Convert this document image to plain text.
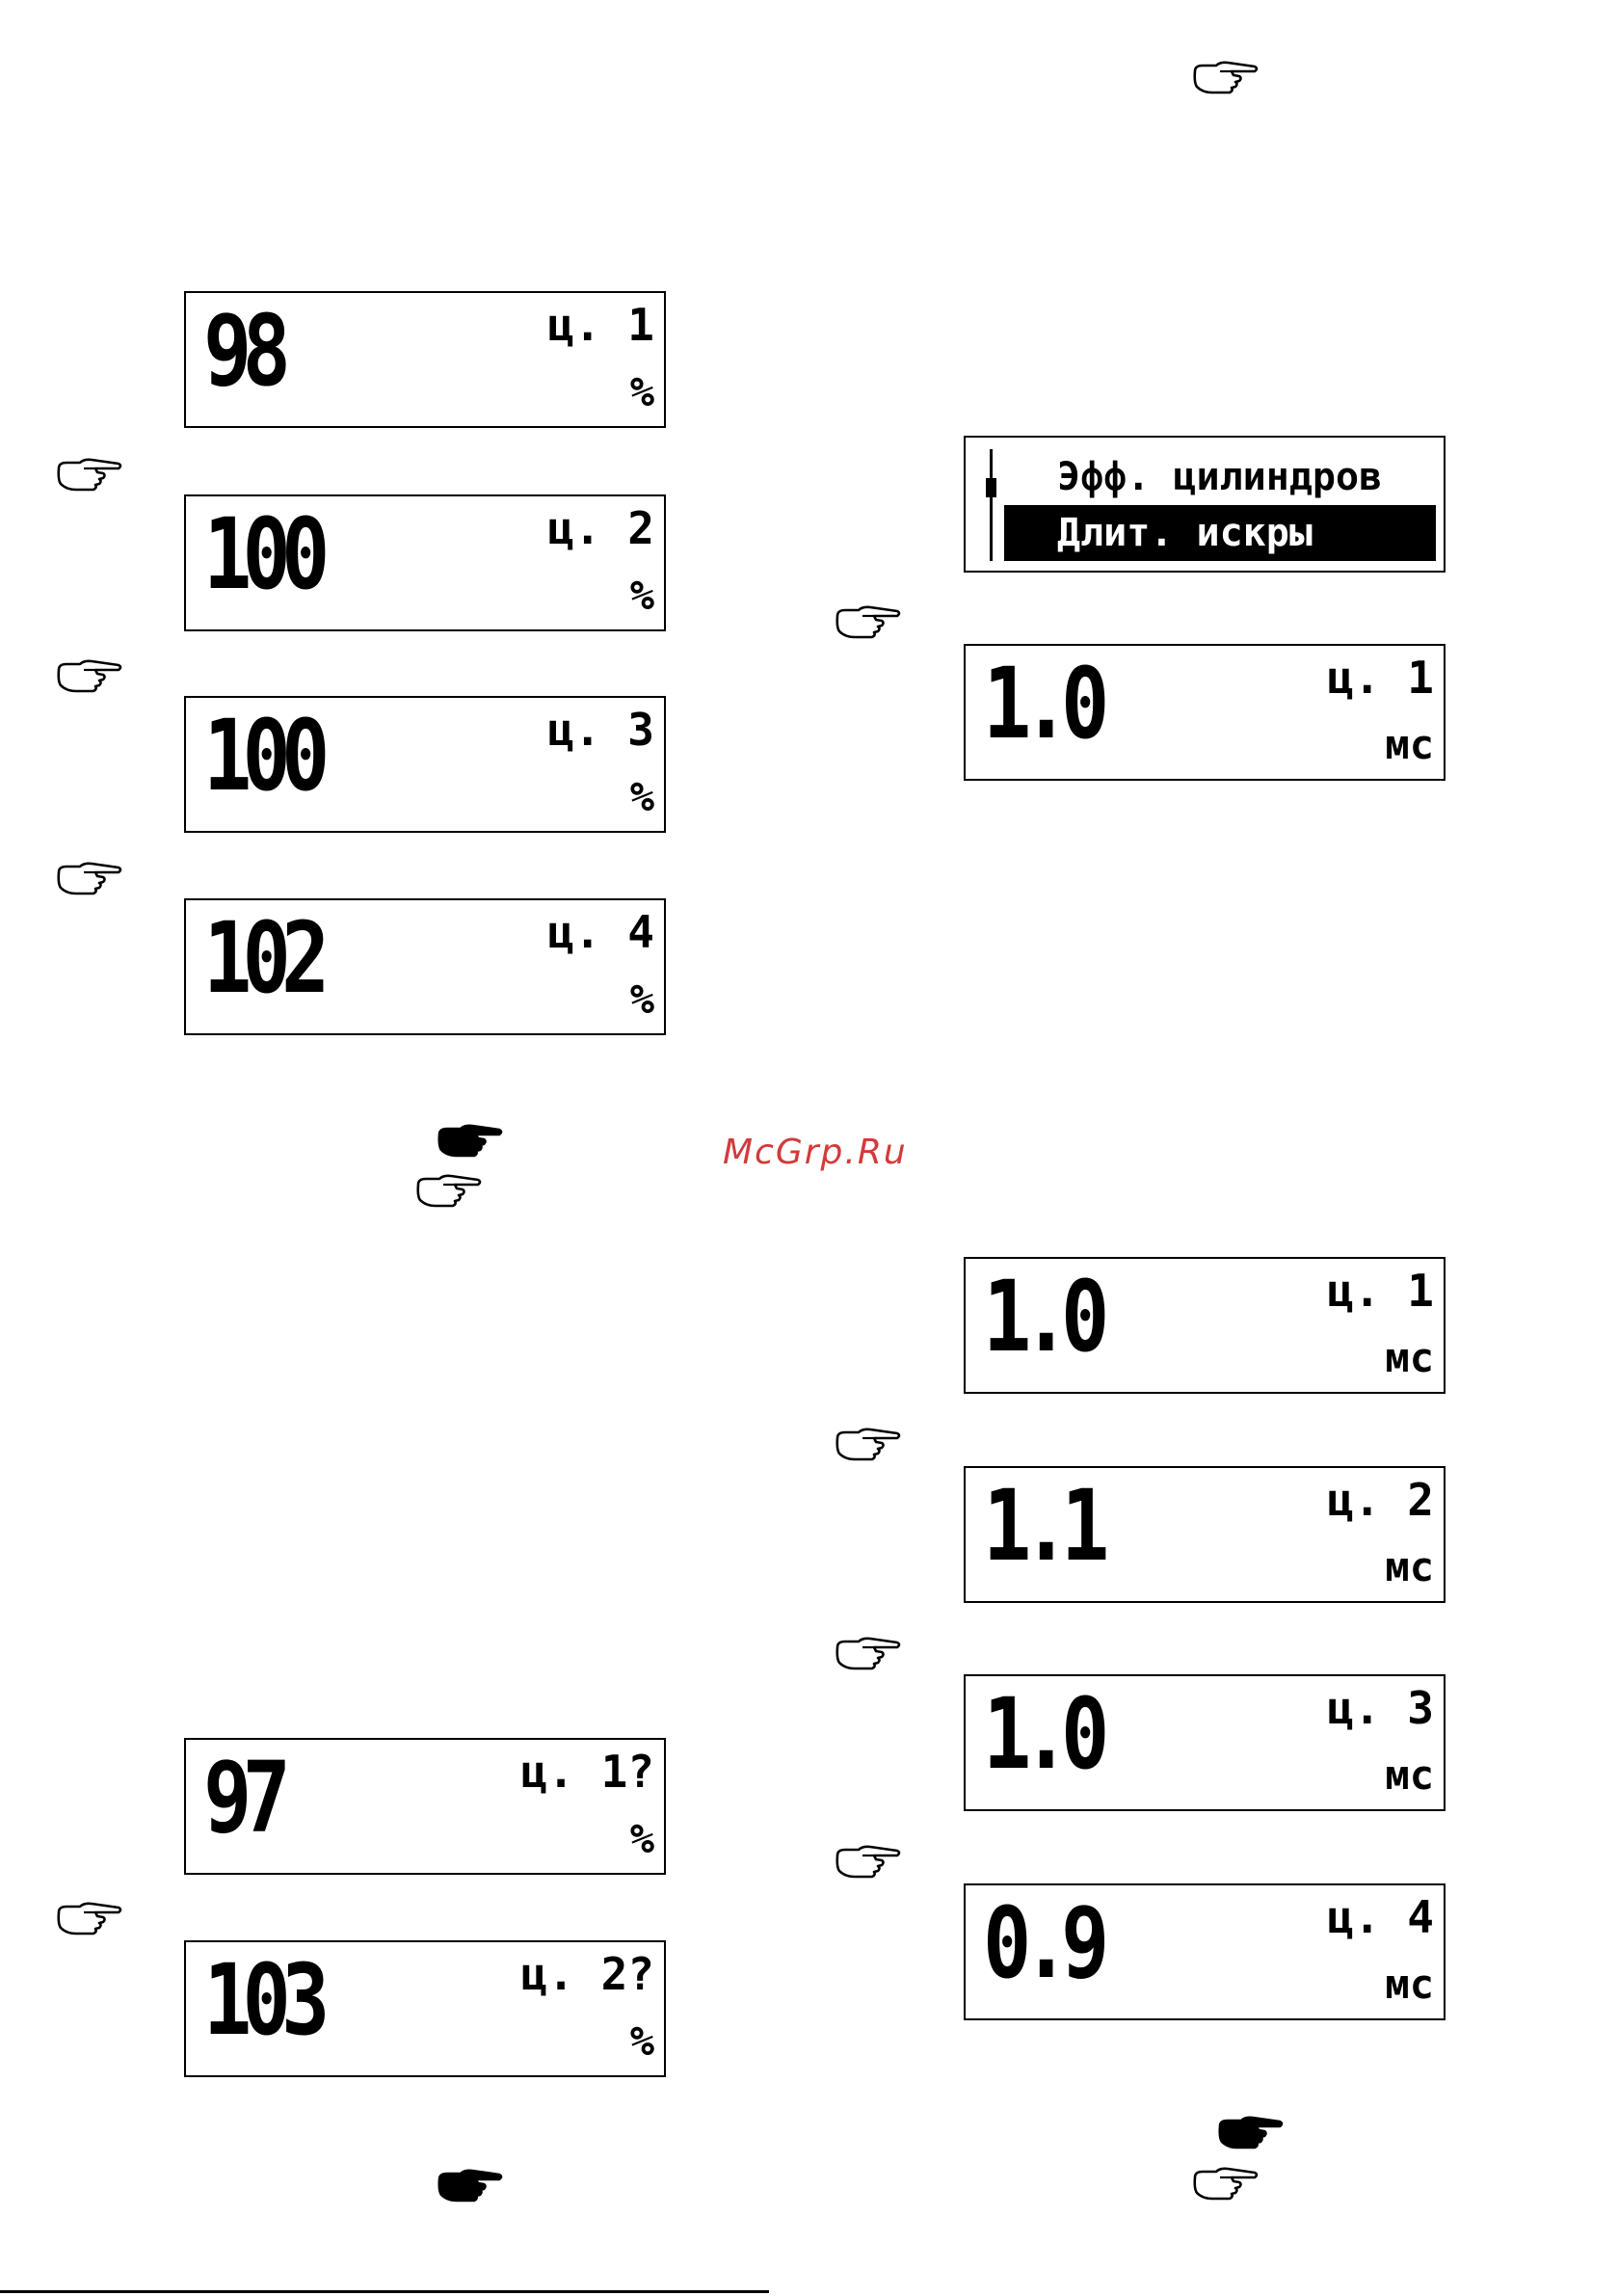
98	ц. 1
%
100	ц. 2
%
100	ц. 3
%
102	ц. 4
%
97	ц. 1?
%
103	ц. 2?
%
Эфф. цилиндров
Длит. искры
1.0	ц. 1
мс
1.0	ц. 1
мс
1.1	ц. 2
мс
1.0	ц. 3
мс
0.9	ц. 4
мс
McGrp.Ru
